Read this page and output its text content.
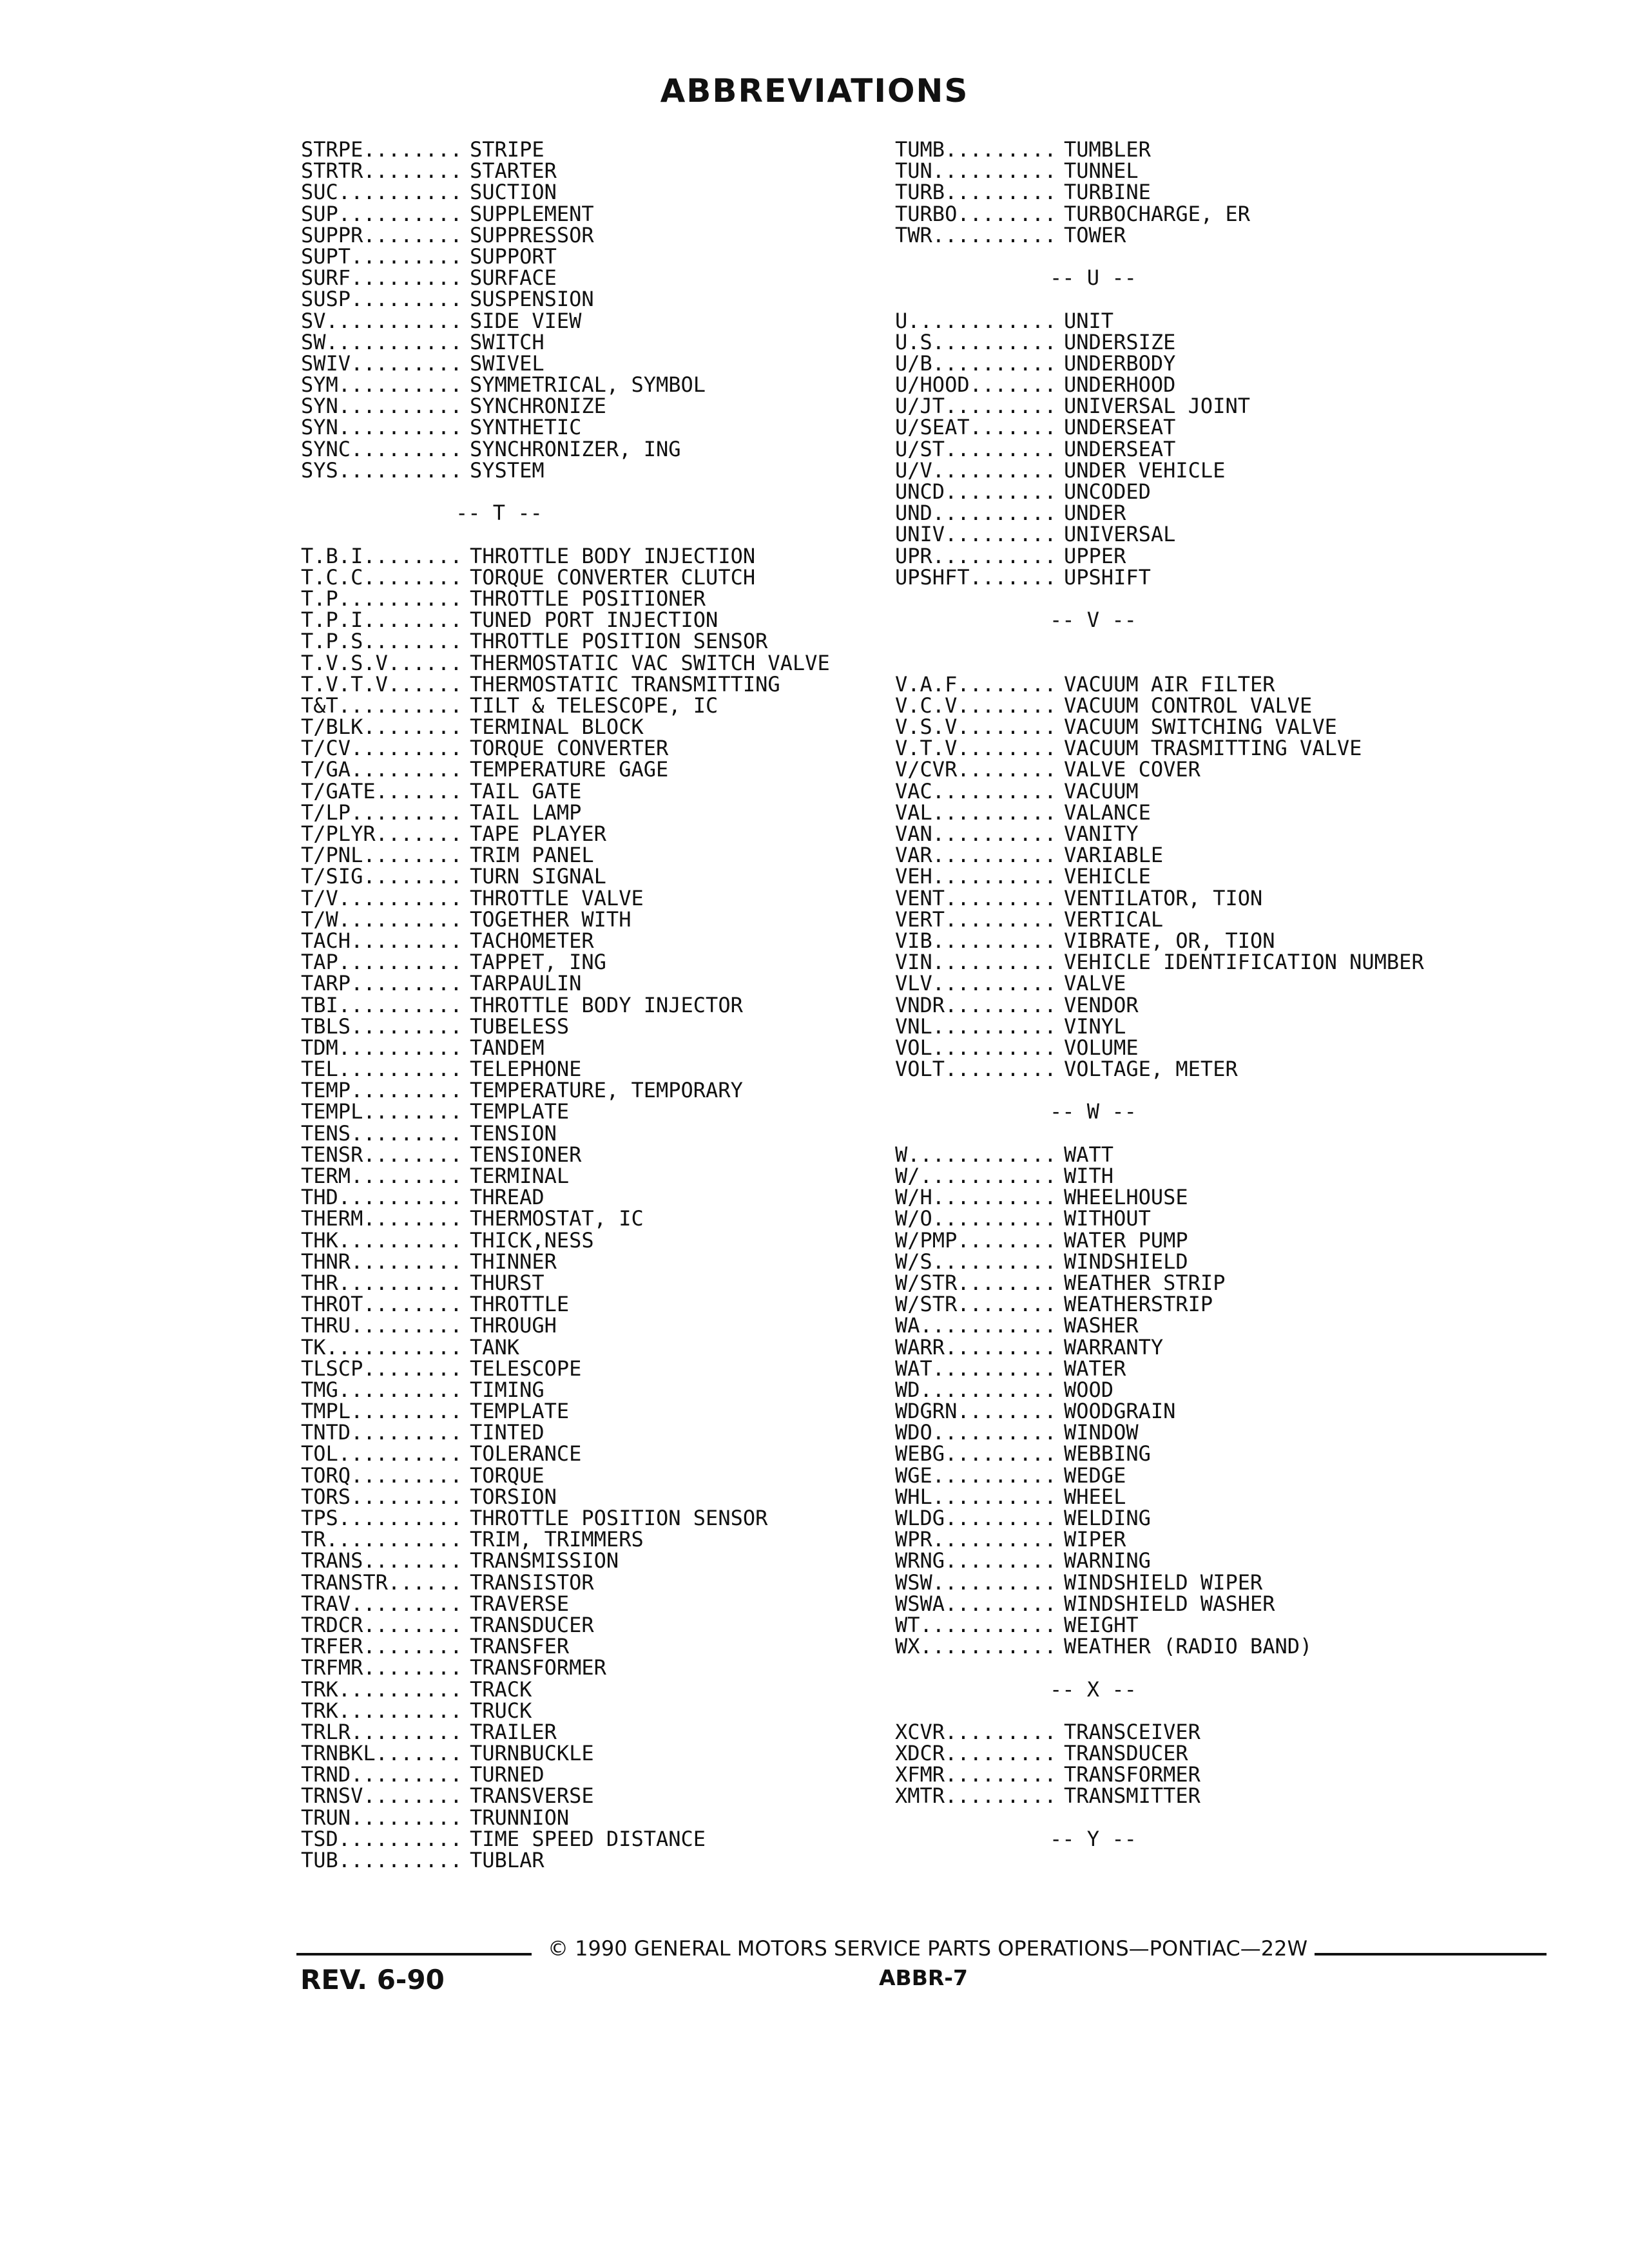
ABBREVIATIONS
STRPE........ STRIPE
STRTR........ STARTER
SUC.......... SUCTION
SUP.......... SUPPLEMENT
SUPPR........ SUPPRESSOR
SUPT......... SUPPORT
SURF......... SURFACE
SUSP......... SUSPENSION
SV........... SIDE VIEW
SW........... SWITCH
SWIV......... SWIVEL
SYM.......... SYMMETRICAL, SYMBOL
SYN.......... SYNCHRONIZE
SYN.......... SYNTHETIC
SYNC......... SYNCHRONIZER, ING
SYS.......... SYSTEM
-- T --
T.B.I........ THROTTLE BODY INJECTION
T.C.C........ TORQUE CONVERTER CLUTCH
T.P.......... THROTTLE POSITIONER
T.P.I........ TUNED PORT INJECTION
T.P.S........ THROTTLE POSITION SENSOR
T.V.S.V...... THERMOSTATIC VAC SWITCH VALVE
T.V.T.V...... THERMOSTATIC TRANSMITTING
T&T.......... TILT & TELESCOPE, IC
T/BLK........ TERMINAL BLOCK
T/CV......... TORQUE CONVERTER
T/GA......... TEMPERATURE GAGE
T/GATE....... TAIL GATE
T/LP......... TAIL LAMP
T/PLYR....... TAPE PLAYER
T/PNL........ TRIM PANEL
T/SIG........ TURN SIGNAL
T/V.......... THROTTLE VALVE
T/W.......... TOGETHER WITH
TACH......... TACHOMETER
TAP.......... TAPPET, ING
TARP......... TARPAULIN
TBI.......... THROTTLE BODY INJECTOR
TBLS......... TUBELESS
TDM.......... TANDEM
TEL.......... TELEPHONE
TEMP......... TEMPERATURE, TEMPORARY
TEMPL........ TEMPLATE
TENS......... TENSION
TENSR........ TENSIONER
TERM......... TERMINAL
THD.......... THREAD
THERM........ THERMOSTAT, IC
THK.......... THICK,NESS
THNR......... THINNER
THR.......... THURST
THROT........ THROTTLE
THRU......... THROUGH
TK........... TANK
TLSCP........ TELESCOPE
TMG.......... TIMING
TMPL......... TEMPLATE
TNTD......... TINTED
TOL.......... TOLERANCE
TORQ......... TORQUE
TORS......... TORSION
TPS.......... THROTTLE POSITION SENSOR
TR........... TRIM, TRIMMERS
TRANS........ TRANSMISSION
TRANSTR...... TRANSISTOR
TRAV......... TRAVERSE
TRDCR........ TRANSDUCER
TRFER........ TRANSFER
TRFMR........ TRANSFORMER
TRK.......... TRACK
TRK.......... TRUCK
TRLR......... TRAILER
TRNBKL....... TURNBUCKLE
TRND......... TURNED
TRNSV........ TRANSVERSE
TRUN......... TRUNNION
TSD.......... TIME SPEED DISTANCE
TUB.......... TUBLAR
TUMB......... TUMBLER
TUN.......... TUNNEL
TURB......... TURBINE
TURBO........ TURBOCHARGE, ER
TWR.......... TOWER
-- U --
U............ UNIT
U.S.......... UNDERSIZE
U/B.......... UNDERBODY
U/HOOD....... UNDERHOOD
U/JT......... UNIVERSAL JOINT
U/SEAT....... UNDERSEAT
U/ST......... UNDERSEAT
U/V.......... UNDER VEHICLE
UNCD......... UNCODED
UND.......... UNDER
UNIV......... UNIVERSAL
UPR.......... UPPER
UPSHFT....... UPSHIFT
-- V --
V.A.F........ VACUUM AIR FILTER
V.C.V........ VACUUM CONTROL VALVE
V.S.V........ VACUUM SWITCHING VALVE
V.T.V........ VACUUM TRASMITTING VALVE
V/CVR........ VALVE COVER
VAC.......... VACUUM
VAL.......... VALANCE
VAN.......... VANITY
VAR.......... VARIABLE
VEH.......... VEHICLE
VENT......... VENTILATOR, TION
VERT......... VERTICAL
VIB.......... VIBRATE, OR, TION
VIN.......... VEHICLE IDENTIFICATION NUMBER
VLV.......... VALVE
VNDR......... VENDOR
VNL.......... VINYL
VOL.......... VOLUME
VOLT......... VOLTAGE, METER
-- W --
W............ WATT
W/........... WITH
W/H.......... WHEELHOUSE
W/O.......... WITHOUT
W/PMP........ WATER PUMP
W/S.......... WINDSHIELD
W/STR........ WEATHER STRIP
W/STR........ WEATHERSTRIP
WA........... WASHER
WARR......... WARRANTY
WAT.......... WATER
WD........... WOOD
WDGRN........ WOODGRAIN
WDO.......... WINDOW
WEBG......... WEBBING
WGE.......... WEDGE
WHL.......... WHEEL
WLDG......... WELDING
WPR.......... WIPER
WRNG......... WARNING
WSW.......... WINDSHIELD WIPER
WSWA......... WINDSHIELD WASHER
WT........... WEIGHT
WX........... WEATHER (RADIO BAND)
-- X --
XCVR......... TRANSCEIVER
XDCR......... TRANSDUCER
XFMR......... TRANSFORMER
XMTR......... TRANSMITTER
-- Y --
© 1990 GENERAL MOTORS SERVICE PARTS OPERATIONS—PONTIAC—22W
REV. 6-90	ABBR-7
